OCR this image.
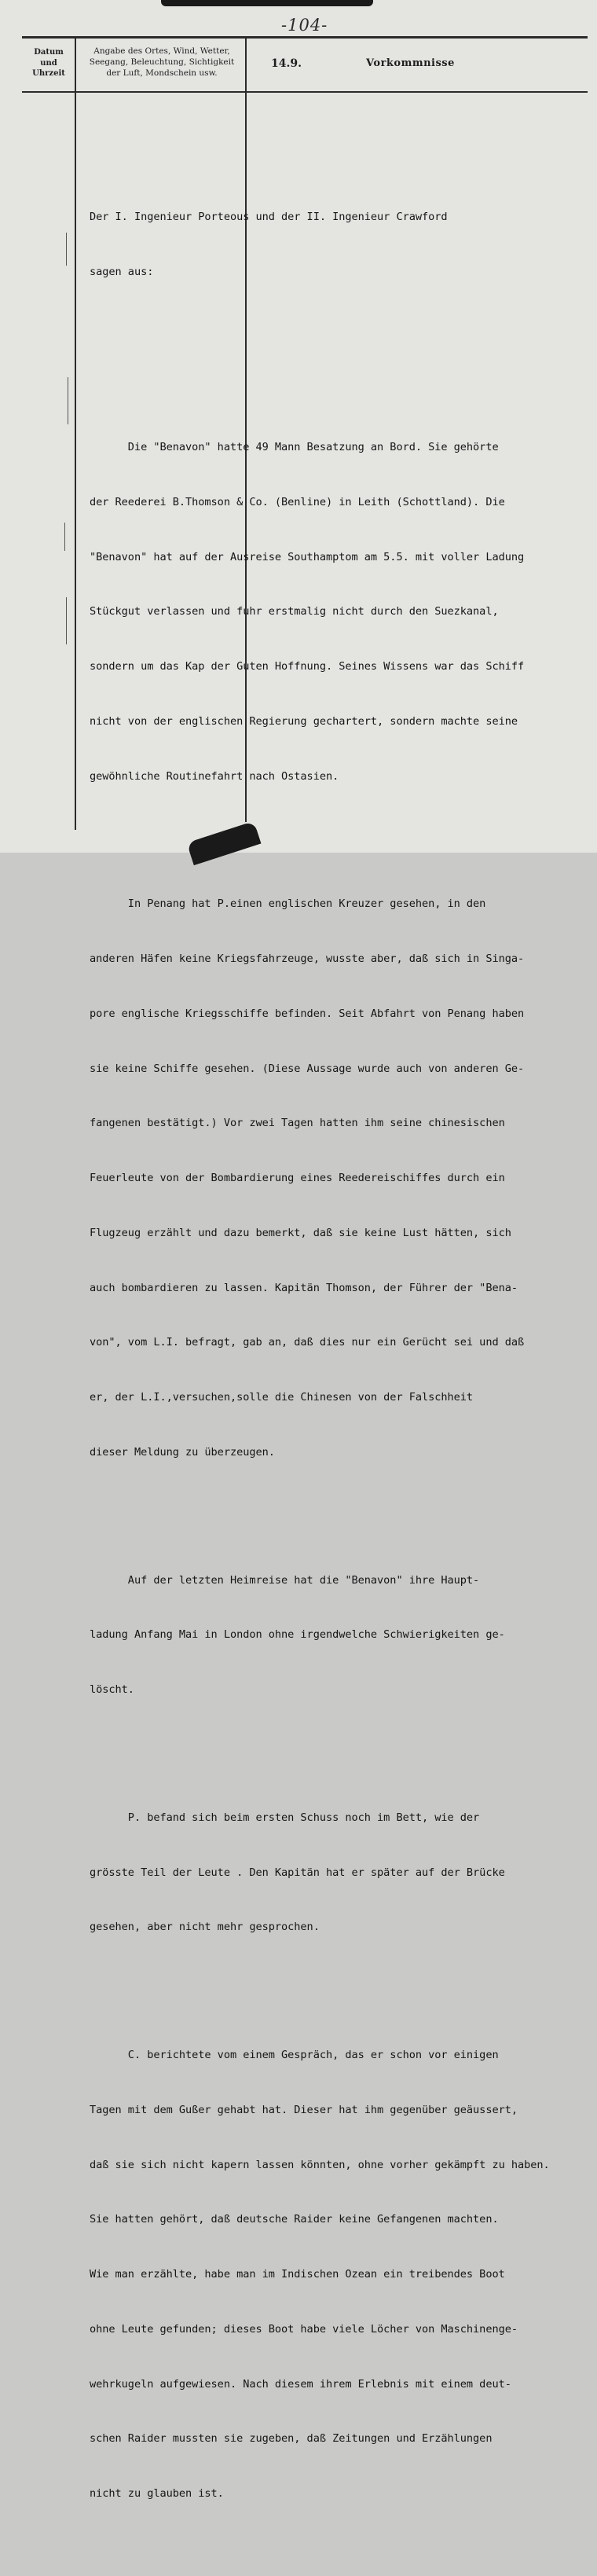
-104-
Datum
und
Uhrzeit
Angabe des Ortes, Wind, Wetter,
Seegang, Beleuchtung, Sichtigkeit
der Luft, Mondschein usw.
14.9.	Vorkommnisse

Der I. Ingenieur Porteous und der II. Ingenieur Crawford

sagen aus:

Die "Benavon" hatte 49 Mann Besatzung an Bord. Sie gehörte

der Reederei B.Thomson & Co. (Benline) in Leith (Schottland). Die

"Benavon" hat auf der Ausreise Southamptom am 5.5. mit voller Ladung

Stückgut verlassen und fuhr erstmalig nicht durch den Suezkanal,

sondern um das Kap der Guten Hoffnung. Seines Wissens war das Schiff

nicht von der englischen Regierung gechartert, sondern machte seine

gewöhnliche Routinefahrt nach Ostasien.

In Penang hat P.einen englischen Kreuzer gesehen, in den

anderen Häfen keine Kriegsfahrzeuge, wusste aber, daß sich in Singa-

pore englische Kriegsschiffe befinden. Seit Abfahrt von Penang haben

sie keine Schiffe gesehen. (Diese Aussage wurde auch von anderen Ge-

fangenen bestätigt.) Vor zwei Tagen hatten ihm seine chinesischen

Feuerleute von der Bombardierung eines Reedereischiffes durch ein

Flugzeug erzählt und dazu bemerkt, daß sie keine Lust hätten, sich

auch bombardieren zu lassen. Kapitän Thomson, der Führer der "Bena-

von", vom L.I. befragt, gab an, daß dies nur ein Gerücht sei und daß

er, der L.I.,versuchen,solle die Chinesen von der Falschheit

dieser Meldung zu überzeugen.

Auf der letzten Heimreise hat die "Benavon" ihre Haupt-

ladung Anfang Mai in London ohne irgendwelche Schwierigkeiten ge-

löscht.

P. befand sich beim ersten Schuss noch im Bett, wie der

grösste Teil der Leute . Den Kapitän hat er später auf der Brücke

gesehen, aber nicht mehr gesprochen.

C. berichtete vom einem Gespräch, das er schon vor einigen

Tagen mit dem Gußer gehabt hat. Dieser hat ihm gegenüber geäussert,

daß sie sich nicht kapern lassen könnten, ohne vorher gekämpft zu haben.

Sie hatten gehört, daß deutsche Raider keine Gefangenen machten.

Wie man erzählte, habe man im Indischen Ozean ein treibendes Boot

ohne Leute gefunden; dieses Boot habe viele Löcher von Maschinenge-

wehrkugeln aufgewiesen. Nach diesem ihrem Erlebnis mit einem deut-

schen Raider mussten sie zugeben, daß Zeitungen und Erzählungen

nicht zu glauben ist.
